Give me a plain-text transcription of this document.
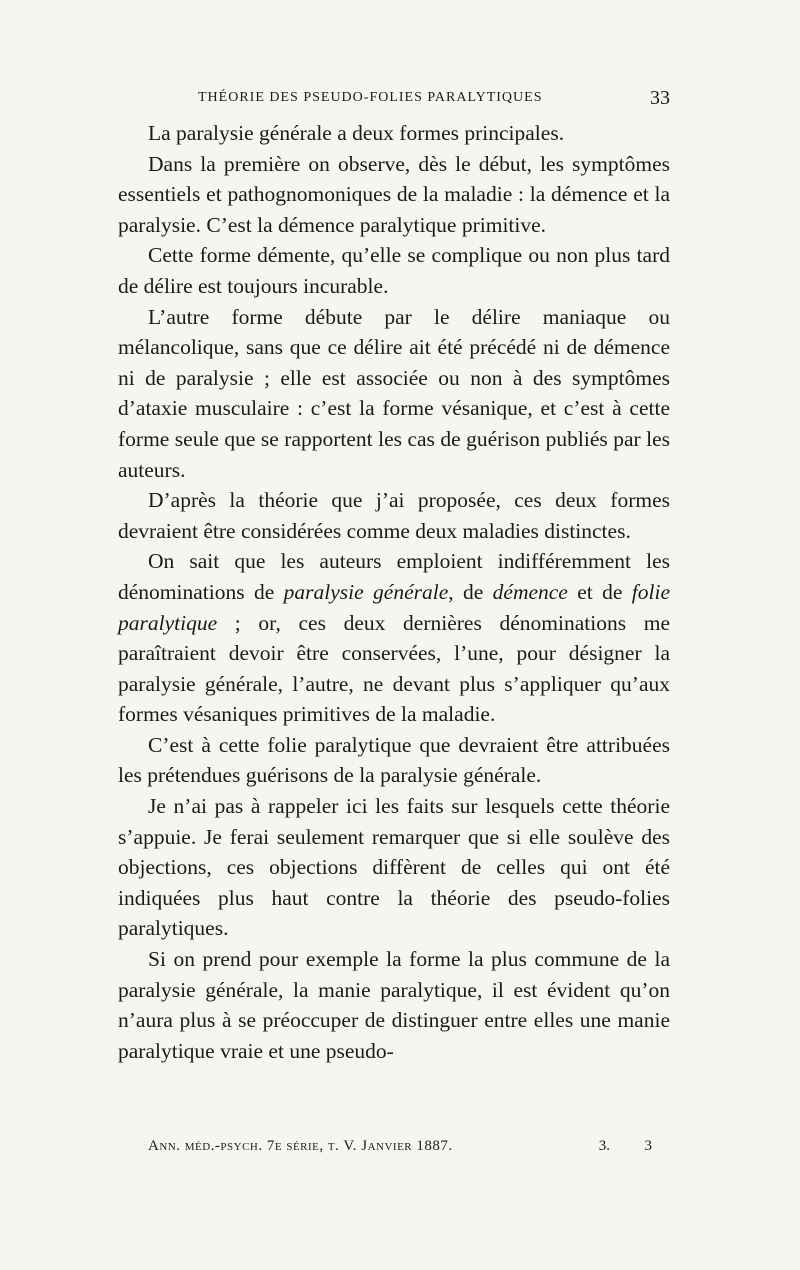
THÉORIE DES PSEUDO-FOLIES PARALYTIQUES	33

La paralysie générale a deux formes principales.

Dans la première on observe, dès le début, les symptômes essentiels et pathognomoniques de la maladie : la démence et la paralysie. C’est la démence paralytique primitive.

Cette forme démente, qu’elle se complique ou non plus tard de délire est toujours incurable.

L’autre forme débute par le délire maniaque ou mélancolique, sans que ce délire ait été précédé ni de démence ni de paralysie ; elle est associée ou non à des symptômes d’ataxie musculaire : c’est la forme vésanique, et c’est à cette forme seule que se rapportent les cas de guérison publiés par les auteurs.

D’après la théorie que j’ai proposée, ces deux formes devraient être considérées comme deux maladies distinctes.

On sait que les auteurs emploient indifféremment les dénominations de paralysie générale, de démence et de folie paralytique ; or, ces deux dernières dénominations me paraîtraient devoir être conservées, l’une, pour désigner la paralysie générale, l’autre, ne devant plus s’appliquer qu’aux formes vésaniques primitives de la maladie.

C’est à cette folie paralytique que devraient être attribuées les prétendues guérisons de la paralysie générale.

Je n’ai pas à rappeler ici les faits sur lesquels cette théorie s’appuie. Je ferai seulement remarquer que si elle soulève des objections, ces objections diffèrent de celles qui ont été indiquées plus haut contre la théorie des pseudo-folies paralytiques.

Si on prend pour exemple la forme la plus commune de la paralysie générale, la manie paralytique, il est évident qu’on n’aura plus à se préoccuper de distinguer entre elles une manie paralytique vraie et une pseudo-

Ann. méd.-psych. 7e série, t. V. Janvier 1887.	3. 3
